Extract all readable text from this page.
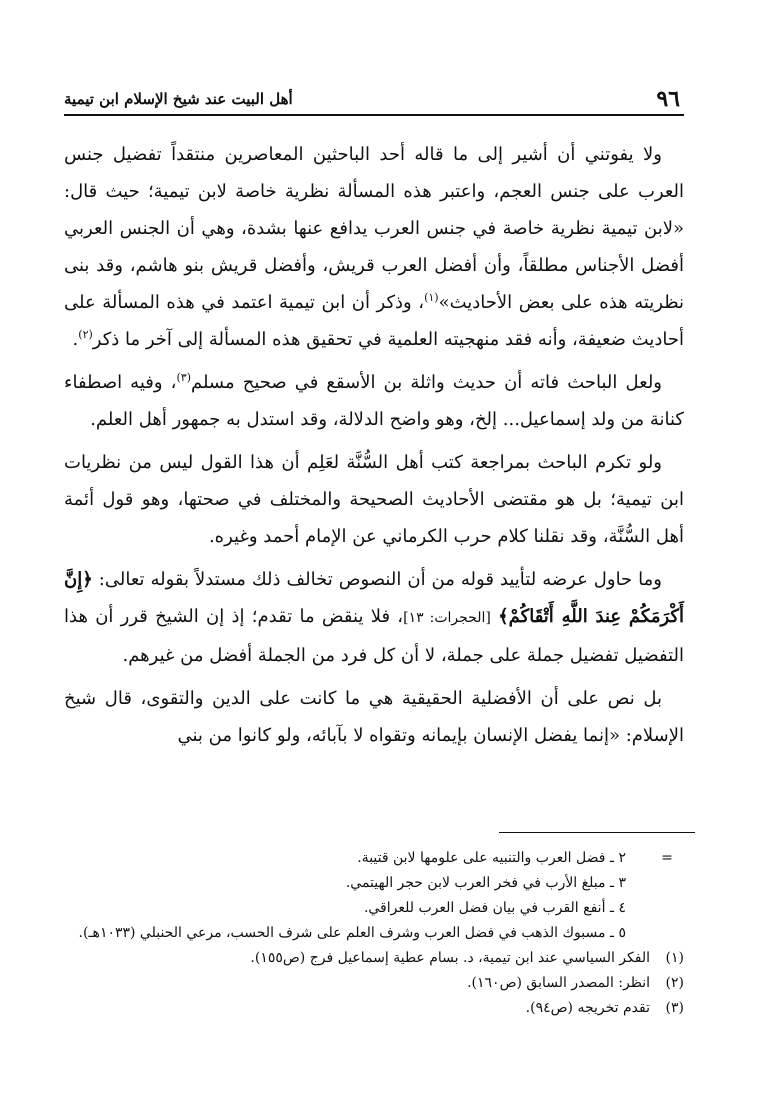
٩٦
أهل البيت عند شيخ الإسلام ابن تيمية

ولا يفوتني أن أشير إلى ما قاله أحد الباحثين المعاصرين منتقداً تفضيل جنس العرب على جنس العجم، واعتبر هذه المسألة نظرية خاصة لابن تيمية؛ حيث قال: «لابن تيمية نظرية خاصة في جنس العرب يدافع عنها بشدة، وهي أن الجنس العربي أفضل الأجناس مطلقاً، وأن أفضل العرب قريش، وأفضل قريش بنو هاشم، وقد بنى نظريته هذه على بعض الأحاديث»$^{(١)}$، وذكر أن ابن تيمية اعتمد في هذه المسألة على أحاديث ضعيفة، وأنه فقد منهجيته العلمية في تحقيق هذه المسألة إلى آخر ما ذكر$^{(٢)}$.

ولعل الباحث فاته أن حديث واثلة بن الأسقع في صحيح مسلم$^{(٣)}$، وفيه اصطفاء كنانة من ولد إسماعيل... إلخ، وهو واضح الدلالة، وقد استدل به جمهور أهل العلم.

ولو تكرم الباحث بمراجعة كتب أهل السُّنَّة لعَلِم أن هذا القول ليس من نظريات ابن تيمية؛ بل هو مقتضى الأحاديث الصحيحة والمختلف في صحتها، وهو قول أئمة أهل السُّنَّة، وقد نقلنا كلام حرب الكرماني عن الإمام أحمد وغيره.

وما حاول عرضه لتأييد قوله من أن النصوص تخالف ذلك مستدلاً بقوله تعالى: ﴿إِنَّ أَكْرَمَكُمْ عِندَ اللَّهِ أَتْقَاكُمْ﴾ [الحجرات: ١٣]، فلا ينقض ما تقدم؛ إذ إن الشيخ قرر أن هذا التفضيل تفضيل جملة على جملة، لا أن كل فرد من الجملة أفضل من غيرهم.

بل نص على أن الأفضلية الحقيقية هي ما كانت على الدين والتقوى، قال شيخ الإسلام: «إنما يفضل الإنسان بإيمانه وتقواه لا بآبائه، ولو كانوا من بني

=
٢ ـ فضل العرب والتنبيه على علومها لابن قتيبة.
٣ ـ مبلغ الأرب في فخر العرب لابن حجر الهيتمي.
٤ ـ أنفع القرب في بيان فضل العرب للعراقي.
٥ ـ مسبوك الذهب في فضل العرب وشرف العلم على شرف الحسب، مرعي الحنبلي (١٠٣٣هـ).
(١)
الفكر السياسي عند ابن تيمية، د. بسام عطية إسماعيل فرج (ص١٥٥).
(٢)
انظر: المصدر السابق (ص١٦٠).
(٣)
تقدم تخريجه (ص٩٤).
